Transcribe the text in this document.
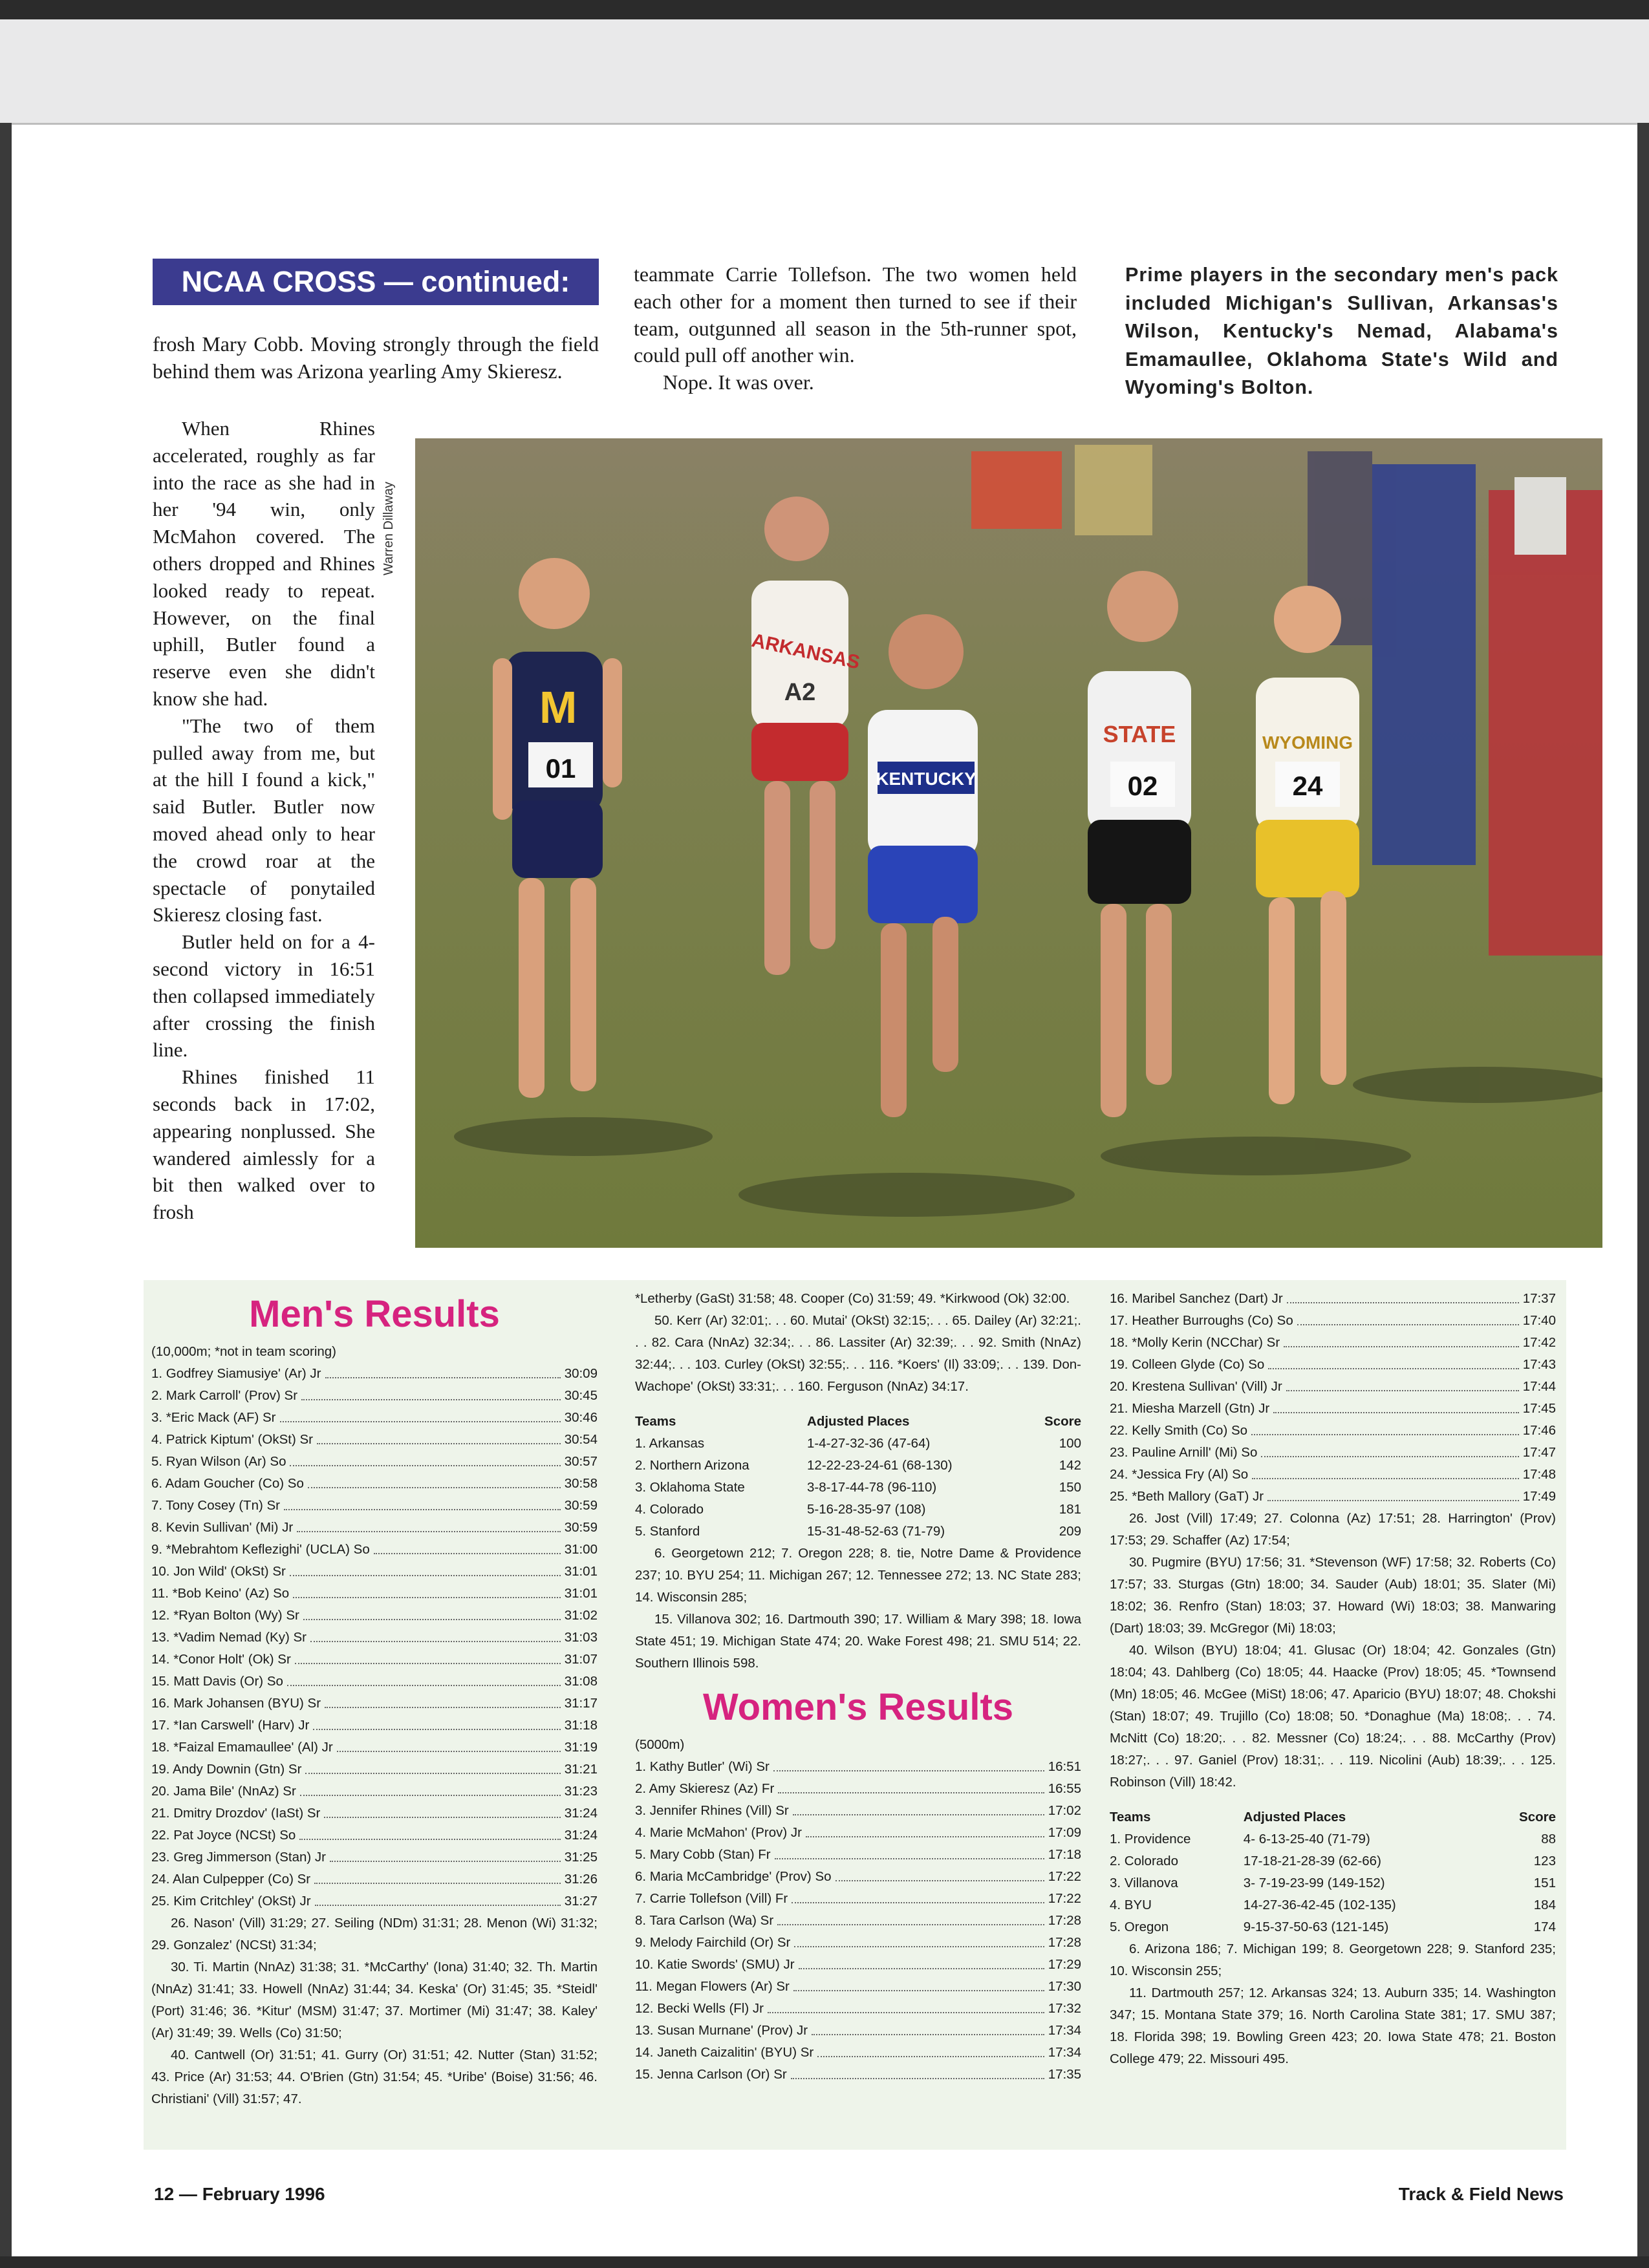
NCAA CROSS — continued:

frosh Mary Cobb. Moving strongly through the field behind them was Arizona yearling Amy Skieresz.

When Rhines accelerated, roughly as far into the race as she had in her '94 win, only McMahon covered. The others dropped and Rhines looked ready to repeat. However, on the final uphill, Butler found a reserve even she didn't know she had.

"The two of them pulled away from me, but at the hill I found a kick," said Butler. Butler now moved ahead only to hear the crowd roar at the spectacle of ponytailed Skieresz closing fast.

Butler held on for a 4-second victory in 16:51 then collapsed immediately after crossing the finish line.

Rhines finished 11 seconds back in 17:02, appearing nonplussed. She wandered aimlessly for a bit then walked over to frosh

teammate Carrie Tollefson. The two women held each other for a moment then turned to see if their team, outgunned all season in the 5th-runner spot, could pull off another win.

Nope. It was over.

Prime players in the secondary men's pack included Michigan's Sullivan, Arkansas's Wilson, Kentucky's Nemad, Alabama's Emamaullee, Oklahoma State's Wild and Wyoming's Bolton.
Warren Dillaway
M
01
ARKANSAS
A2
KENTUCKY
STATE
02
WYOMING
24
Men's Results
(10,000m; *not in team scoring)
1. Godfrey Siamusiye' (Ar) Jr	30:09
2. Mark Carroll' (Prov) Sr	30:45
3. *Eric Mack (AF) Sr	30:46
4. Patrick Kiptum' (OkSt) Sr	30:54
5. Ryan Wilson (Ar) So	30:57
6. Adam Goucher (Co) So	30:58
7. Tony Cosey (Tn) Sr	30:59
8. Kevin Sullivan' (Mi) Jr	30:59
9. *Mebrahtom Keflezighi' (UCLA) So	31:00
10. Jon Wild' (OkSt) Sr	31:01
11. *Bob Keino' (Az) So	31:01
12. *Ryan Bolton (Wy) Sr	31:02
13. *Vadim Nemad (Ky) Sr	31:03
14. *Conor Holt' (Ok) Sr	31:07
15. Matt Davis (Or) So	31:08
16. Mark Johansen (BYU) Sr	31:17
17. *Ian Carswell' (Harv) Jr	31:18
18. *Faizal Emamaullee' (Al) Jr	31:19
19. Andy Downin (Gtn) Sr	31:21
20. Jama Bile' (NnAz) Sr	31:23
21. Dmitry Drozdov' (IaSt) Sr	31:24
22. Pat Joyce (NCSt) So	31:24
23. Greg Jimmerson (Stan) Jr	31:25
24. Alan Culpepper (Co) Sr	31:26
25. Kim Critchley' (OkSt) Jr	31:27
26. Nason' (Vill) 31:29; 27. Seiling (NDm) 31:31; 28. Menon (Wi) 31:32; 29. Gonzalez' (NCSt) 31:34;
30. Ti. Martin (NnAz) 31:38; 31. *McCarthy' (Iona) 31:40; 32. Th. Martin (NnAz) 31:41; 33. Howell (NnAz) 31:44; 34. Keska' (Or) 31:45; 35. *Steidl' (Port) 31:46; 36. *Kitur' (MSM) 31:47; 37. Mortimer (Mi) 31:47; 38. Kaley' (Ar) 31:49; 39. Wells (Co) 31:50;
40. Cantwell (Or) 31:51; 41. Gurry (Or) 31:51; 42. Nutter (Stan) 31:52; 43. Price (Ar) 31:53; 44. O'Brien (Gtn) 31:54; 45. *Uribe' (Boise) 31:56; 46. Christiani' (Vill) 31:57; 47.
*Letherby (GaSt) 31:58; 48. Cooper (Co) 31:59; 49. *Kirkwood (Ok) 32:00.
50. Kerr (Ar) 32:01;. . . 60. Mutai' (OkSt) 32:15;. . . 65. Dailey (Ar) 32:21;. . . 82. Cara (NnAz) 32:34;. . . 86. Lassiter (Ar) 32:39;. . . 92. Smith (NnAz) 32:44;. . . 103. Curley (OkSt) 32:55;. . . 116. *Koers' (Il) 33:09;. . . 139. Don-Wachope' (OkSt) 33:31;. . . 160. Ferguson (NnAz) 34:17.
Teams	Adjusted Places	Score
1. Arkansas	1-4-27-32-36 (47-64)	100
2. Northern Arizona	12-22-23-24-61 (68-130)	142
3. Oklahoma State	3-8-17-44-78 (96-110)	150
4. Colorado	5-16-28-35-97 (108)	181
5. Stanford	15-31-48-52-63 (71-79)	209
6. Georgetown 212; 7. Oregon 228; 8. tie, Notre Dame & Providence 237; 10. BYU 254; 11. Michigan 267; 12. Tennessee 272; 13. NC State 283; 14. Wisconsin 285;
15. Villanova 302; 16. Dartmouth 390; 17. William & Mary 398; 18. Iowa State 451; 19. Michigan State 474; 20. Wake Forest 498; 21. SMU 514; 22. Southern Illinois 598.
Women's Results
(5000m)
1. Kathy Butler' (Wi) Sr	16:51
2. Amy Skieresz (Az) Fr	16:55
3. Jennifer Rhines (Vill) Sr	17:02
4. Marie McMahon' (Prov) Jr	17:09
5. Mary Cobb (Stan) Fr	17:18
6. Maria McCambridge' (Prov) So	17:22
7. Carrie Tollefson (Vill) Fr	17:22
8. Tara Carlson (Wa) Sr	17:28
9. Melody Fairchild (Or) Sr	17:28
10. Katie Swords' (SMU) Jr	17:29
11. Megan Flowers (Ar) Sr	17:30
12. Becki Wells (Fl) Jr	17:32
13. Susan Murnane' (Prov) Jr	17:34
14. Janeth Caizalitin' (BYU) Sr	17:34
15. Jenna Carlson (Or) Sr	17:35
16. Maribel Sanchez (Dart) Jr	17:37
17. Heather Burroughs (Co) So	17:40
18. *Molly Kerin (NCChar) Sr	17:42
19. Colleen Glyde (Co) So	17:43
20. Krestena Sullivan' (Vill) Jr	17:44
21. Miesha Marzell (Gtn) Jr	17:45
22. Kelly Smith (Co) So	17:46
23. Pauline Arnill' (Mi) So	17:47
24. *Jessica Fry (Al) So	17:48
25. *Beth Mallory (GaT) Jr	17:49
26. Jost (Vill) 17:49; 27. Colonna (Az) 17:51; 28. Harrington' (Prov) 17:53; 29. Schaffer (Az) 17:54;
30. Pugmire (BYU) 17:56; 31. *Stevenson (WF) 17:58; 32. Roberts (Co) 17:57; 33. Sturgas (Gtn) 18:00; 34. Sauder (Aub) 18:01; 35. Slater (Mi) 18:02; 36. Renfro (Stan) 18:03; 37. Howard (Wi) 18:03; 38. Manwaring (Dart) 18:03; 39. McGregor (Mi) 18:03;
40. Wilson (BYU) 18:04; 41. Glusac (Or) 18:04; 42. Gonzales (Gtn) 18:04; 43. Dahlberg (Co) 18:05; 44. Haacke (Prov) 18:05; 45. *Townsend (Mn) 18:05; 46. McGee (MiSt) 18:06; 47. Aparicio (BYU) 18:07; 48. Chokshi (Stan) 18:07; 49. Trujillo (Co) 18:08; 50. *Donaghue (Ma) 18:08;. . . 74. McNitt (Co) 18:20;. . . 82. Messner (Co) 18:24;. . . 88. McCarthy (Prov) 18:27;. . . 97. Ganiel (Prov) 18:31;. . . 119. Nicolini (Aub) 18:39;. . . 125. Robinson (Vill) 18:42.
Teams	Adjusted Places	Score
1. Providence	4- 6-13-25-40 (71-79)	88
2. Colorado	17-18-21-28-39 (62-66)	123
3. Villanova	3- 7-19-23-99 (149-152)	151
4. BYU	14-27-36-42-45 (102-135)	184
5. Oregon	9-15-37-50-63 (121-145)	174
6. Arizona 186; 7. Michigan 199; 8. Georgetown 228; 9. Stanford 235; 10. Wisconsin 255;
11. Dartmouth 257; 12. Arkansas 324; 13. Auburn 335; 14. Washington 347; 15. Montana State 379; 16. North Carolina State 381; 17. SMU 387; 18. Florida 398; 19. Bowling Green 423; 20. Iowa State 478; 21. Boston College 479; 22. Missouri 495.
12 — February 1996	Track & Field News
